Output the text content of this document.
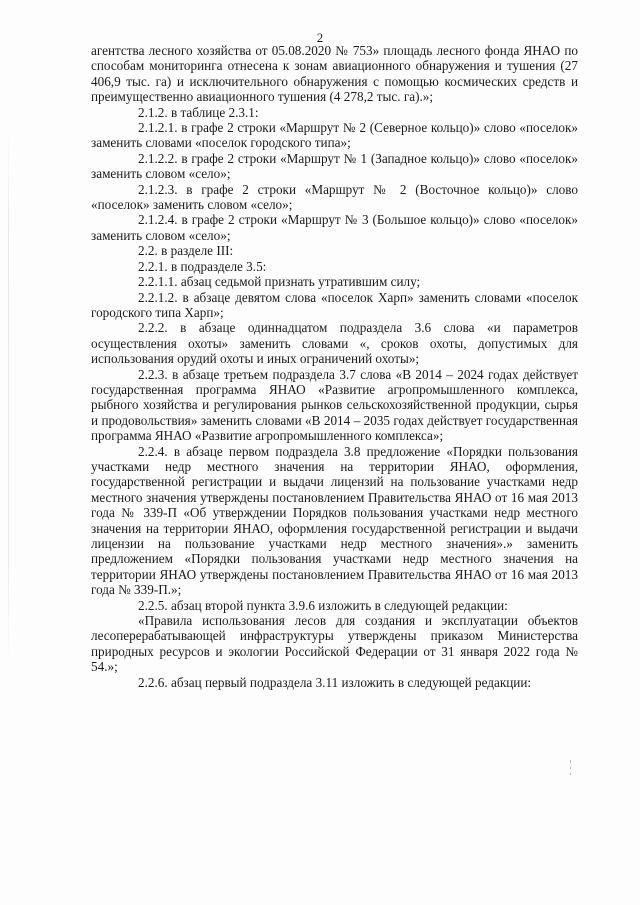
2

агентства лесного хозяйства от 05.08.2020 № 753» площадь лесного фонда ЯНАО по способам мониторинга отнесена к зонам авиационного обнаружения и тушения (27 406,9 тыс. га) и исключительного обнаружения с помощью космических средств и преимущественно авиационного тушения (4 278,2 тыс. га).»;

2.1.2. в таблице 2.3.1:

2.1.2.1. в графе 2 строки «Маршрут № 2 (Северное кольцо)» слово «поселок» заменить словами «поселок городского типа»;

2.1.2.2. в графе 2 строки «Маршрут № 1 (Западное кольцо)» слово «поселок» заменить словом «село»;

2.1.2.3. в графе 2 строки «Маршрут № 2 (Восточное кольцо)» слово «поселок» заменить словом «село»;

2.1.2.4. в графе 2 строки «Маршрут № 3 (Большое кольцо)» слово «поселок» заменить словом «село»;

2.2. в разделе III:

2.2.1. в подразделе 3.5:

2.2.1.1. абзац седьмой признать утратившим силу;

2.2.1.2. в абзаце девятом слова «поселок Харп» заменить словами «поселок городского типа Харп»;

2.2.2. в абзаце одиннадцатом подраздела 3.6 слова «и параметров осуществления охоты» заменить словами «, сроков охоты, допустимых для использования орудий охоты и иных ограничений охоты»;

2.2.3. в абзаце третьем подраздела 3.7 слова «В 2014 – 2024 годах действует государственная программа ЯНАО «Развитие агропромышленного комплекса, рыбного хозяйства и регулирования рынков сельскохозяйственной продукции, сырья и продовольствия» заменить словами «В 2014 – 2035 годах действует государственная программа ЯНАО «Развитие агропромышленного комплекса»;

2.2.4. в абзаце первом подраздела 3.8 предложение «Порядки пользования участками недр местного значения на территории ЯНАО, оформления, государственной регистрации и выдачи лицензий на пользование участками недр местного значения утверждены постановлением Правительства ЯНАО от 16 мая 2013 года № 339-П «Об утверждении Порядков пользования участками недр местного значения на территории ЯНАО, оформления государственной регистрации и выдачи лицензии на пользование участками недр местного значения».» заменить предложением «Порядки пользования участками недр местного значения на территории ЯНАО утверждены постановлением Правительства ЯНАО от 16 мая 2013 года № 339-П.»;

2.2.5. абзац второй пункта 3.9.6 изложить в следующей редакции:

«Правила использования лесов для создания и эксплуатации объектов лесоперерабатывающей инфраструктуры утверждены приказом Министерства природных ресурсов и экологии Российской Федерации от 31 января 2022 года № 54.»;

2.2.6. абзац первый подраздела 3.11 изложить в следующей редакции:
